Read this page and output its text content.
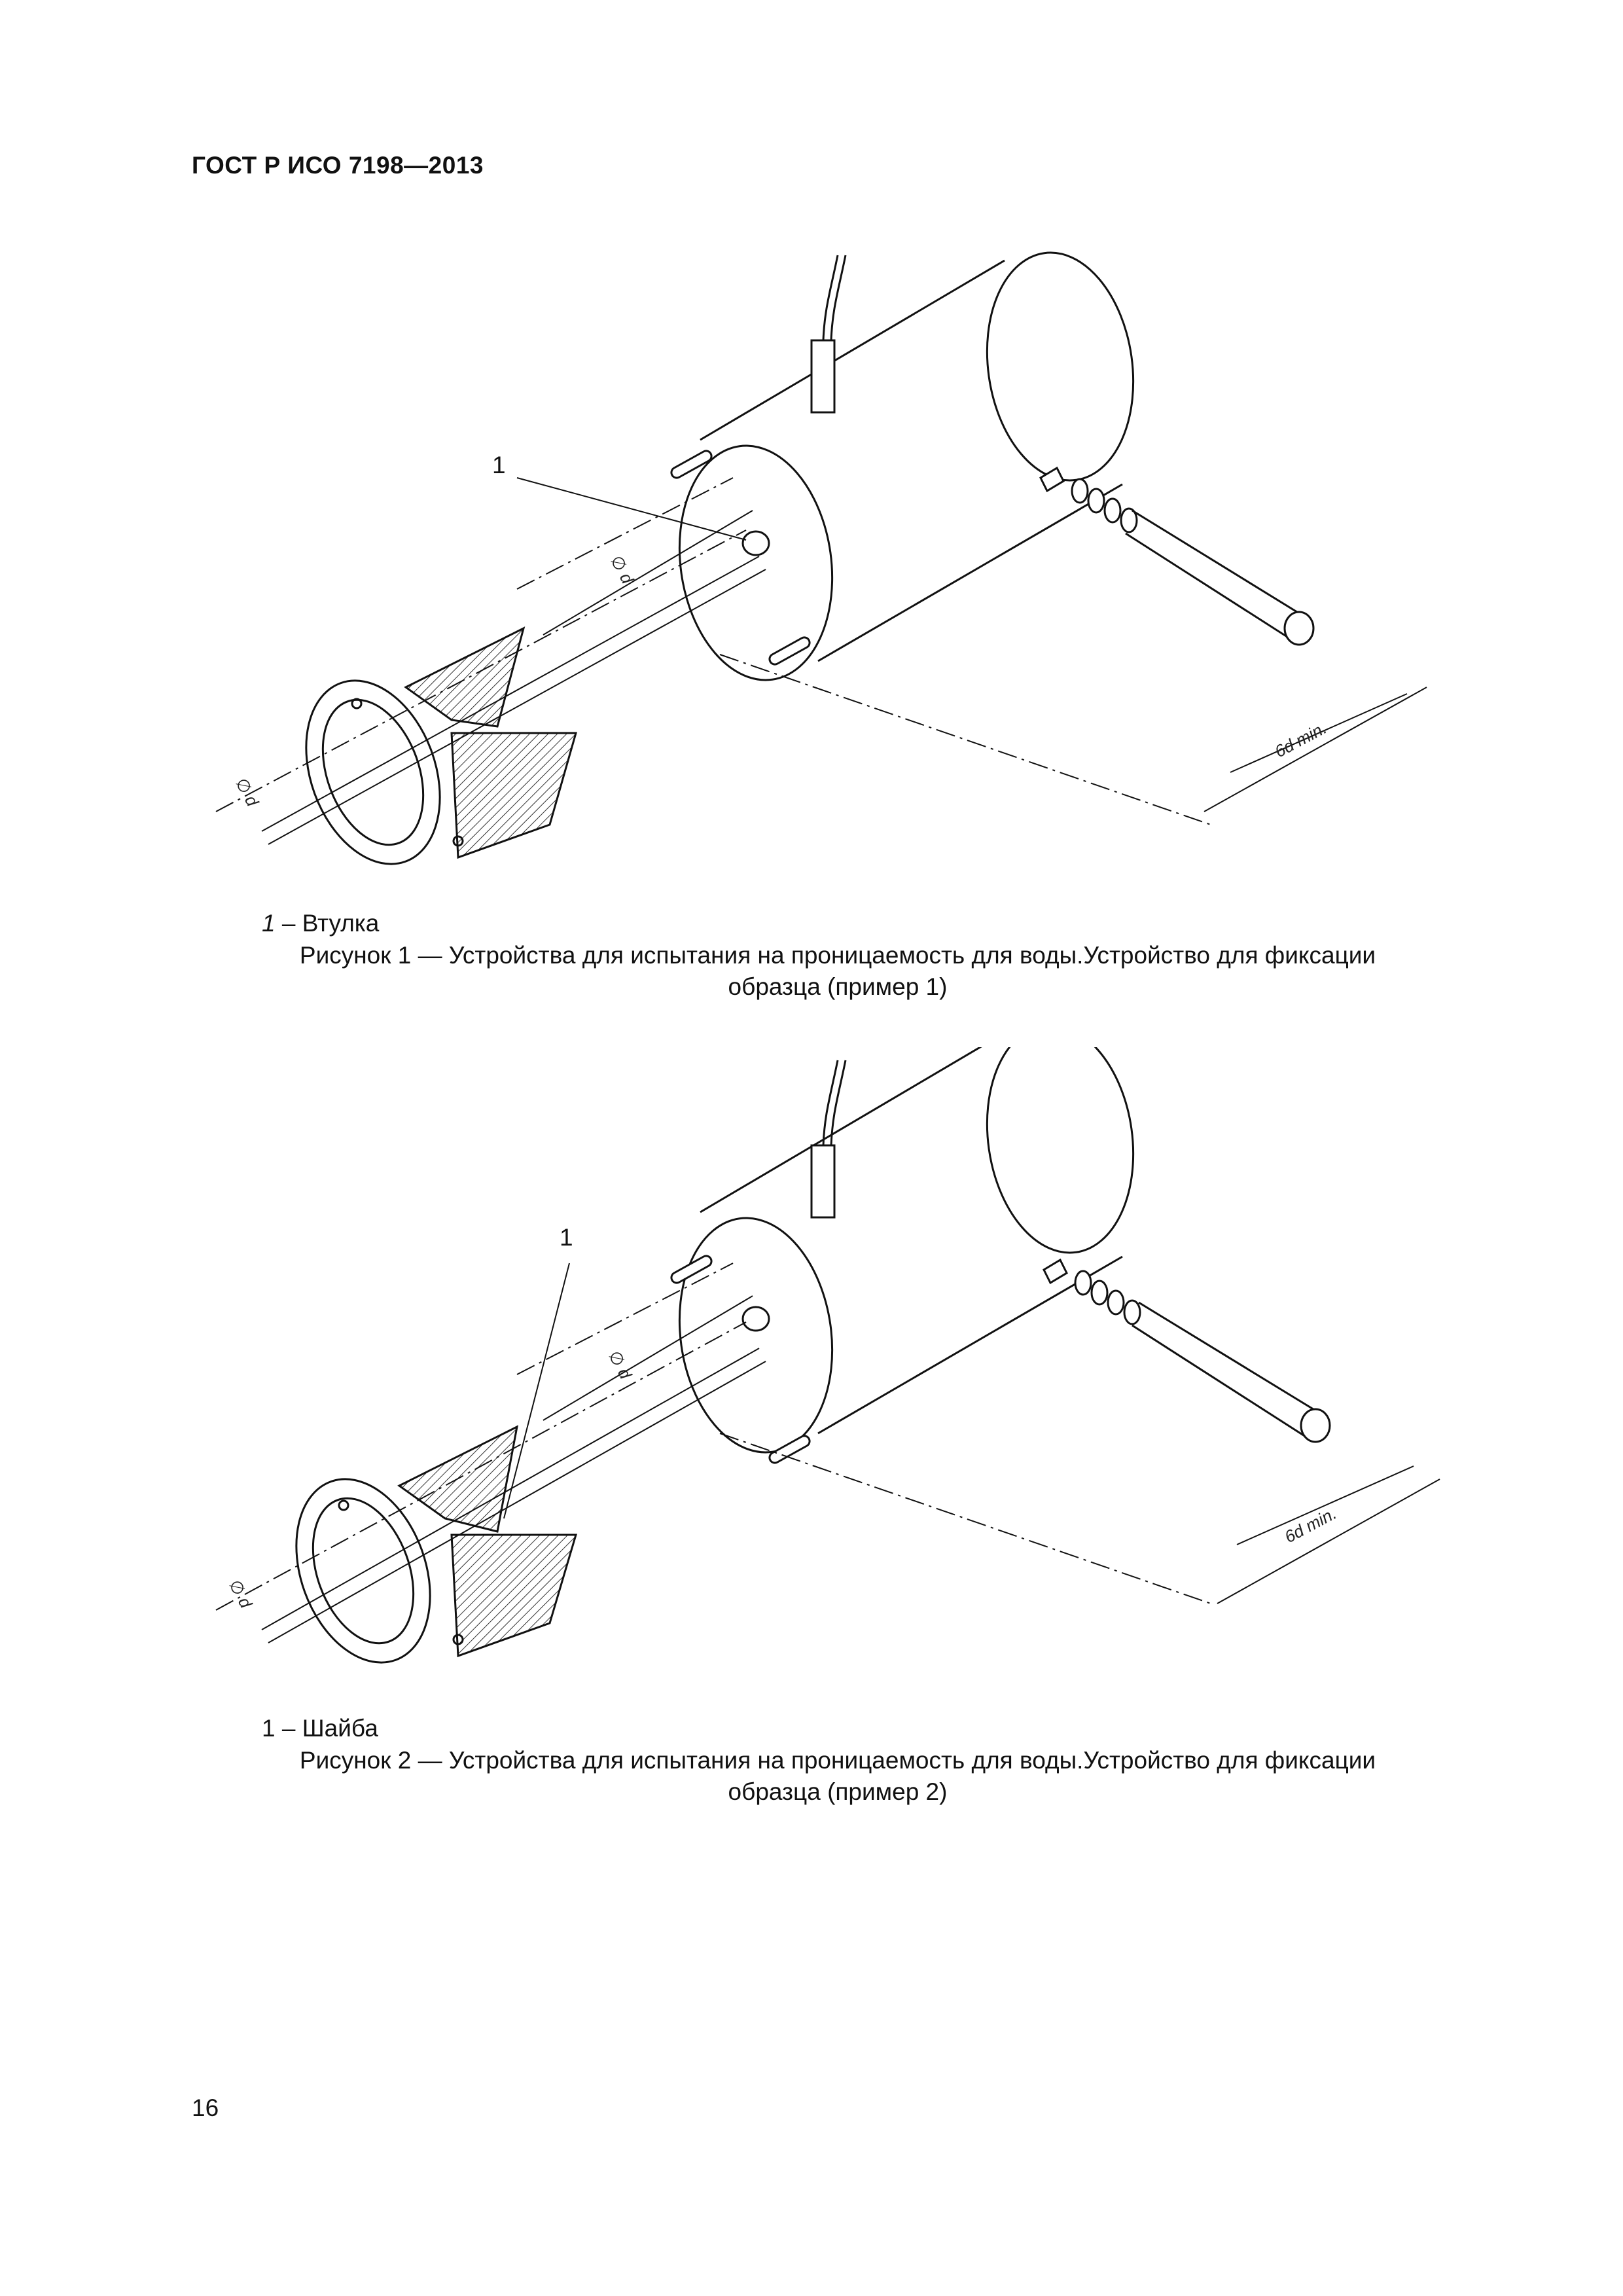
ГОСТ Р ИСО 7198—2013
1
∅ d
∅ d
6d min.
1 – Втулка
Рисунок 1 — Устройства для испытания на проницаемость для воды.Устройство для фиксации
образца (пример 1)
1
∅ d
∅ d
6d min.
1 – Шайба
Рисунок 2 — Устройства для испытания на проницаемость для воды.Устройство для фиксации
образца (пример 2)
16
